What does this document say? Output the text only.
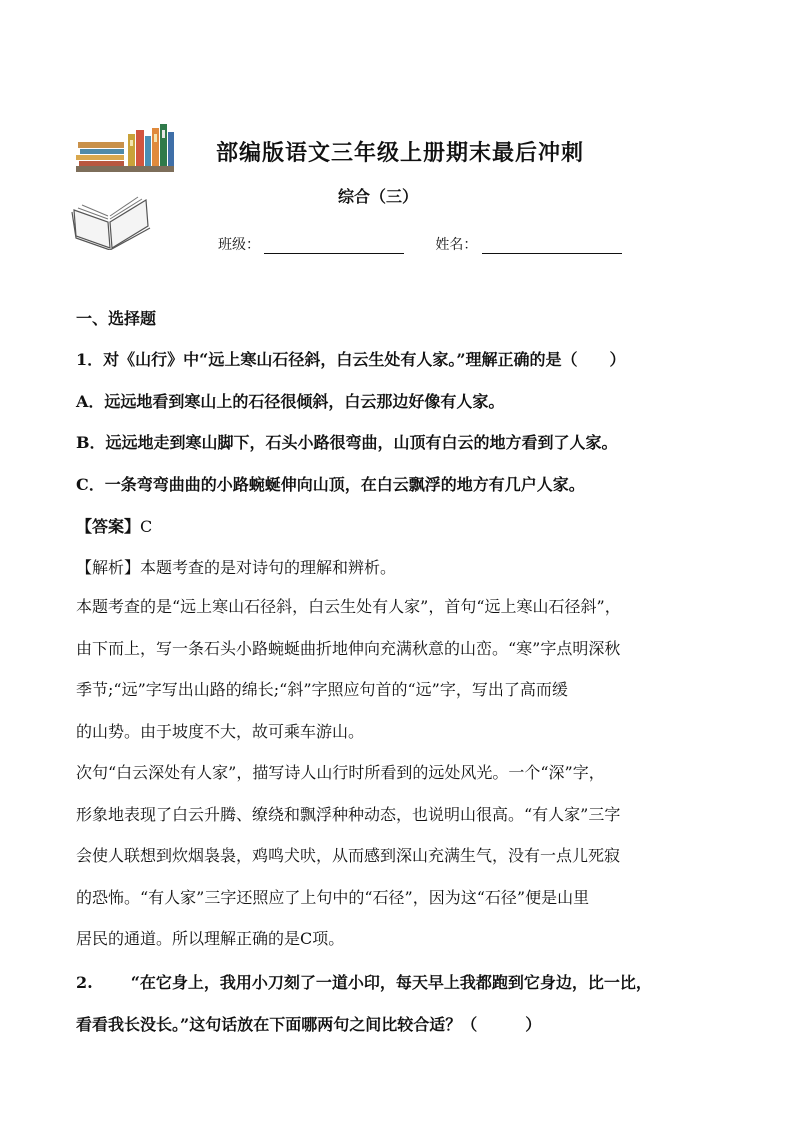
部编版语文三年级上册期末最后冲刺
综合（三）
班级：	姓名：
一、选择题
1．对《山行》中“远上寒山石径斜，白云生处有人家。”理解正确的是（　　）
A．远远地看到寒山上的石径很倾斜，白云那边好像有人家。
B．远远地走到寒山脚下，石头小路很弯曲，山顶有白云的地方看到了人家。
C．一条弯弯曲曲的小路蜿蜒伸向山顶，在白云飘浮的地方有几户人家。
【答案】C
【解析】本题考查的是对诗句的理解和辨析。
本题考查的是“远上寒山石径斜，白云生处有人家”，首句“远上寒山石径斜”，
由下而上，写一条石头小路蜿蜒曲折地伸向充满秋意的山峦。“寒”字点明深秋
季节;“远”字写出山路的绵长;“斜”字照应句首的“远”字，写出了高而缓
的山势。由于坡度不大，故可乘车游山。
次句“白云深处有人家”，描写诗人山行时所看到的远处风光。一个“深”字，
形象地表现了白云升腾、缭绕和飘浮种种动态，也说明山很高。“有人家”三字
会使人联想到炊烟袅袅，鸡鸣犬吠，从而感到深山充满生气，没有一点儿死寂
的恐怖。“有人家”三字还照应了上句中的“石径”，因为这“石径”便是山里
居民的通道。所以理解正确的是C项。
2. “在它身上，我用小刀刻了一道小印，每天早上我都跑到它身边，比一比，
看看我长没长。”这句话放在下面哪两句之间比较合适？（　　　）
